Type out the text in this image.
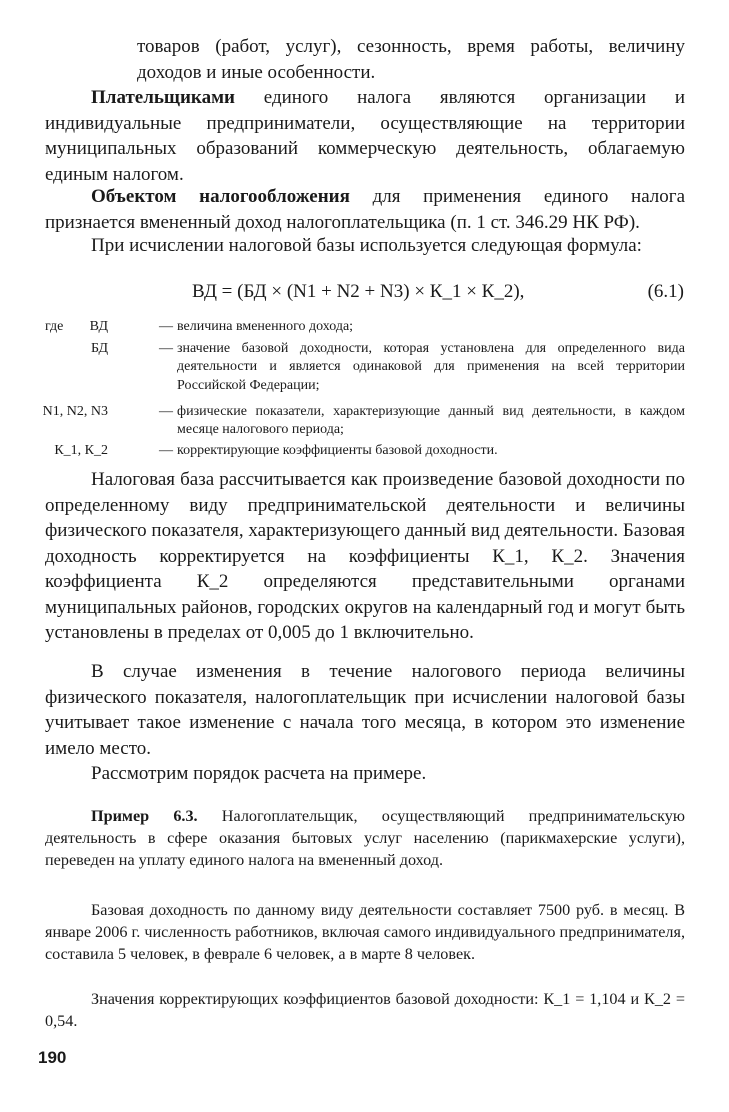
товаров (работ, услуг), сезонность, время работы, величину доходов и иные особенности.

Плательщиками единого налога являются организации и индивидуальные предприниматели, осуществляющие на территории муниципальных образований коммерческую деятельность, облагаемую единым налогом.

Объектом налогообложения для применения единого налога признается вмененный доход налогоплательщика (п. 1 ст. 346.29 НК РФ).

При исчислении налоговой базы используется следующая формула:

ВД = (БД × (N1 + N2 + N3) × К_1 × К_2),	(6.1)
где ВД	— величина вмененного дохода;
БД	— значение базовой доходности, которая установлена для определенного вида деятельности и является одинаковой для применения на всей территории Российской Федерации;
N1, N2, N3	— физические показатели, характеризующие данный вид деятельности, в каждом месяце налогового периода;
К_1, К_2	— корректирующие коэффициенты базовой доходности.

Налоговая база рассчитывается как произведение базовой доходности по определенному виду предпринимательской деятельности и величины физического показателя, характеризующего данный вид деятельности. Базовая доходность корректируется на коэффициенты К_1, К_2. Значения коэффициента К_2 определяются представительными органами муниципальных районов, городских округов на календарный год и могут быть установлены в пределах от 0,005 до 1 включительно.

В случае изменения в течение налогового периода величины физического показателя, налогоплательщик при исчислении налоговой базы учитывает такое изменение с начала того месяца, в котором это изменение имело место.

Рассмотрим порядок расчета на примере.

Пример 6.3. Налогоплательщик, осуществляющий предпринимательскую деятельность в сфере оказания бытовых услуг населению (парикмахерские услуги), переведен на уплату единого налога на вмененный доход.

Базовая доходность по данному виду деятельности составляет 7500 руб. в месяц. В январе 2006 г. численность работников, включая самого индивидуального предпринимателя, составила 5 человек, в феврале 6 человек, а в марте 8 человек.

Значения корректирующих коэффициентов базовой доходности: К_1 = 1,104 и К_2 = 0,54.

190
